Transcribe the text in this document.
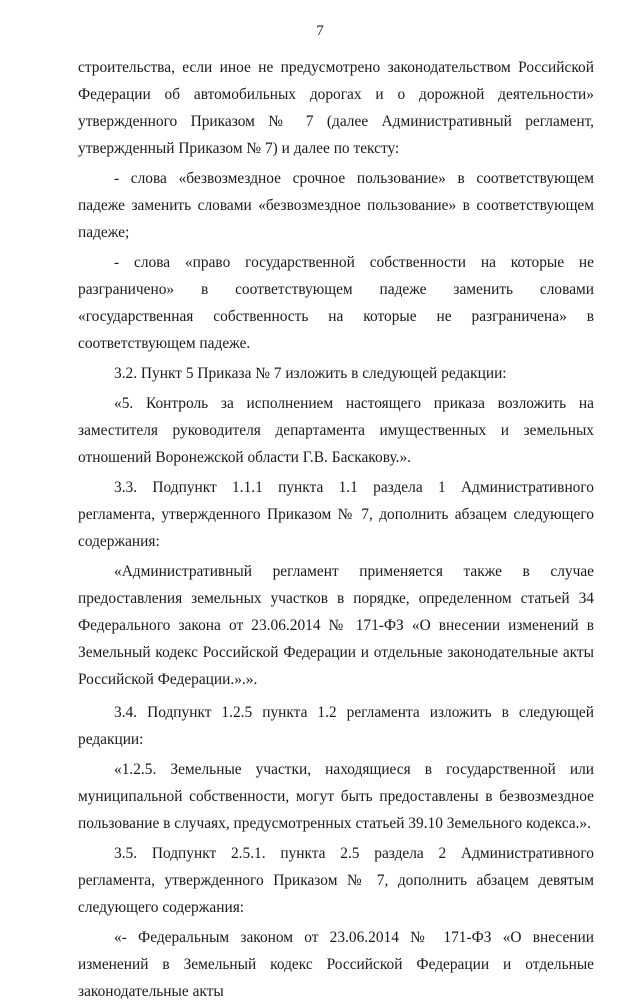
7

строительства, если иное не предусмотрено законодательством Российской Федерации об автомобильных дорогах и о дорожной деятельности» утвержденного Приказом № 7 (далее Административный регламент, утвержденный Приказом № 7) и далее по тексту:

- слова «безвозмездное срочное пользование» в соответствующем падеже заменить словами «безвозмездное пользование» в соответствующем падеже;

- слова «право государственной собственности на которые не разграничено» в соответствующем падеже заменить словами «государственная собственность на которые не разграничена» в соответствующем падеже.

3.2. Пункт 5 Приказа № 7 изложить в следующей редакции:

«5. Контроль за исполнением настоящего приказа возложить на заместителя руководителя департамента имущественных и земельных отношений Воронежской области Г.В. Баскакову.».

3.3. Подпункт 1.1.1 пункта 1.1 раздела 1 Административного регламента, утвержденного Приказом № 7, дополнить абзацем следующего содержания:

«Административный регламент применяется также в случае предоставления земельных участков в порядке, определенном статьей 34 Федерального закона от 23.06.2014 № 171-ФЗ «О внесении изменений в Земельный кодекс Российской Федерации и отдельные законодательные акты Российской Федерации.».».

3.4. Подпункт 1.2.5 пункта 1.2 регламента изложить в следующей редакции:

«1.2.5. Земельные участки, находящиеся в государственной или муниципальной собственности, могут быть предоставлены в безвозмездное пользование в случаях, предусмотренных статьей 39.10 Земельного кодекса.».

3.5. Подпункт 2.5.1. пункта 2.5 раздела 2 Административного регламента, утвержденного Приказом № 7, дополнить абзацем девятым следующего содержания:

«- Федеральным законом от 23.06.2014 № 171-ФЗ «О внесении изменений в Земельный кодекс Российской Федерации и отдельные законодательные акты
